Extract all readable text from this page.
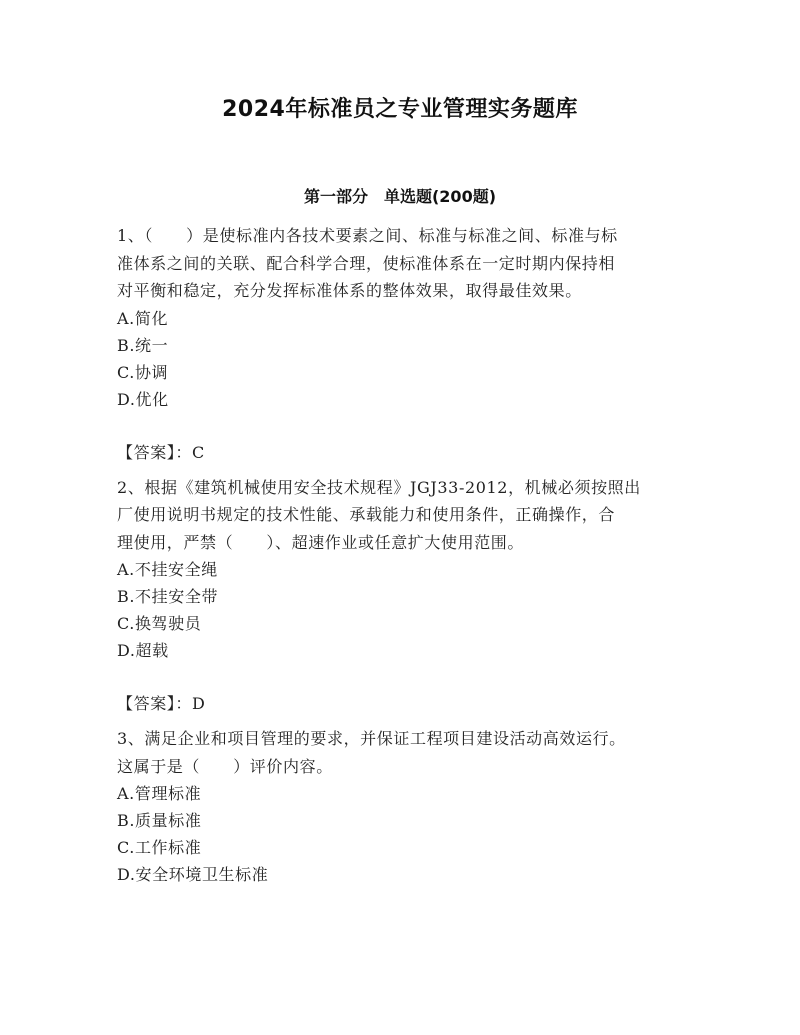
2024年标准员之专业管理实务题库
第一部分　单选题(200题)

1、（　　）是使标准内各技术要素之间、标准与标准之间、标准与标
准体系之间的关联、配合科学合理，使标准体系在一定时期内保持相
对平衡和稳定，充分发挥标准体系的整体效果，取得最佳效果。

A.简化

B.统一

C.协调

D.优化

【答案】：C

2、根据《建筑机械使用安全技术规程》JGJ33-2012，机械必须按照出
厂使用说明书规定的技术性能、承载能力和使用条件，正确操作，合
理使用，严禁（　　）、超速作业或任意扩大使用范围。

A.不挂安全绳

B.不挂安全带

C.换驾驶员

D.超载

【答案】：D

3、满足企业和项目管理的要求，并保证工程项目建设活动高效运行。
这属于是（　　）评价内容。

A.管理标准

B.质量标准

C.工作标准

D.安全环境卫生标准
